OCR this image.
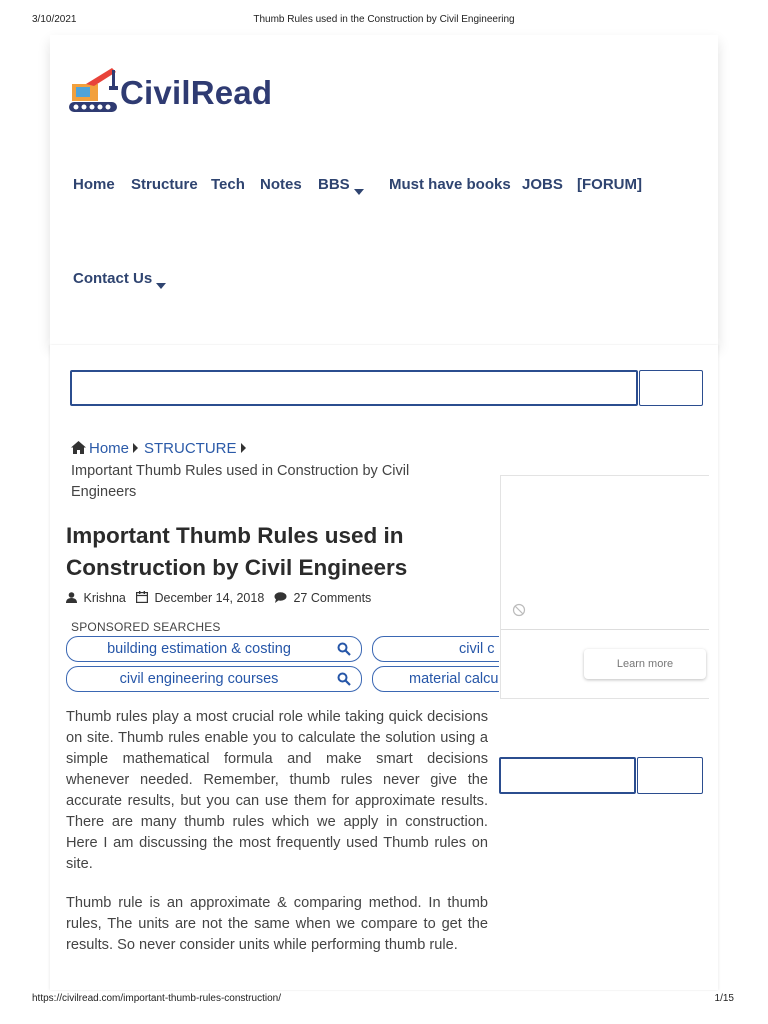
3/10/2021	Thumb Rules used in the Construction by Civil Engineering
CivilRead
Home Structure Tech Notes BBS	Must have books JOBS [FORUM]
Contact Us
Home STRUCTURE
Important Thumb Rules used in Construction by Civil Engineers
Learn more
Important Thumb Rules used in Construction by Civil Engineers
Krishna	December 14, 2018	27 Comments
SPONSORED SEARCHES
building estimation & costing	civil c
civil engineering courses	material calcu

Thumb rules play a most crucial role while taking quick decisions on site. Thumb rules enable you to calculate the solution using a simple mathematical formula and make smart decisions whenever needed. Remember, thumb rules never give the accurate results, but you can use them for approximate results. There are many thumb rules which we apply in construction. Here I am discussing the most frequently used Thumb rules on site.

Thumb rule is an approximate & comparing method. In thumb rules, The units are not the same when we compare to get the results. So never consider units while performing thumb rule.

https://civilread.com/important-thumb-rules-construction/	1/15
